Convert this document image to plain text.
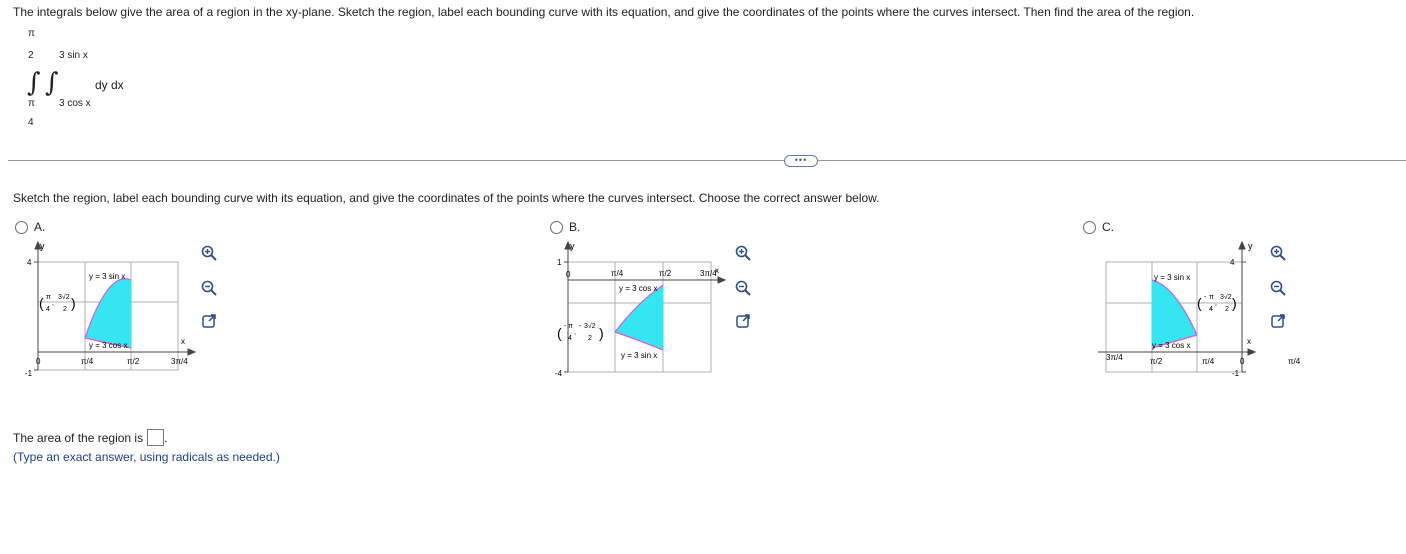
The integrals below give the area of a region in the xy-plane. Sketch the region, label each bounding curve with its equation, and give the coordinates of the points where the curves intersect. Then find the area of the region.
π
2	3 sin x
∫ ∫	dy dx
π 3 cos x
4
•••
Sketch the region, label each bounding curve with its equation, and give the coordinates of the points where the curves intersect. Choose the correct answer below.
A.	B.	C.
y
x
4
-1
0
y = 3 sin x
y = 3 cos x
π/4	π/2	3π/4
( π
4
,
3√2
2 )
y
x
1
-4
0
y = 3 cos x
y = 3 sin x
π/4	π/2	3π/4
( - π
4
,
- 3√2
2 )
y
x
4
-1
0
y = 3 sin x
y = 3 cos x
3π/4	π/2	π/4	π/4
( - π
4
,
3√2
2 )
The area of the region is .
(Type an exact answer, using radicals as needed.)
